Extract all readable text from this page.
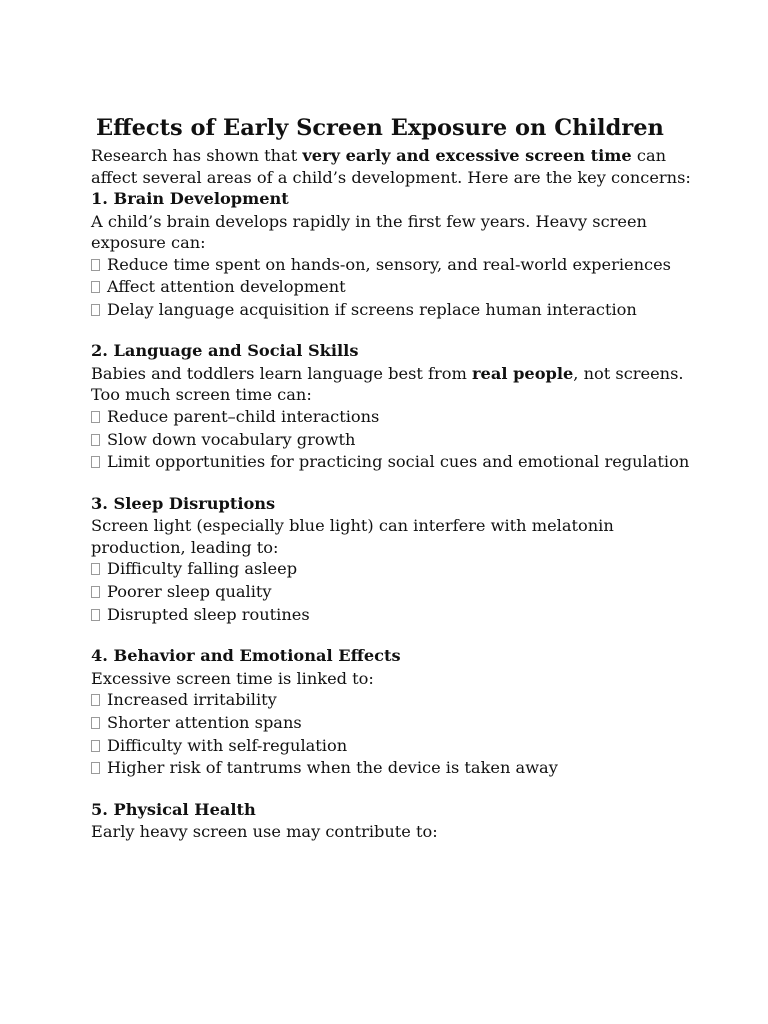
Effects of Early Screen Exposure on Children

Research has shown that very early and excessive screen time can affect several areas of a child’s development. Here are the key concerns:

1. Brain Development

A child’s brain develops rapidly in the first few years. Heavy screen exposure can:

Reduce time spent on hands-on, sensory, and real-world experiences
Affect attention development
Delay language acquisition if screens replace human interaction
2. Language and Social Skills

Babies and toddlers learn language best from real people, not screens. Too much screen time can:

Reduce parent–child interactions
Slow down vocabulary growth
Limit opportunities for practicing social cues and emotional regulation
3. Sleep Disruptions

Screen light (especially blue light) can interfere with melatonin production, leading to:

Difficulty falling asleep
Poorer sleep quality
Disrupted sleep routines
4. Behavior and Emotional Effects

Excessive screen time is linked to:

Increased irritability
Shorter attention spans
Difficulty with self-regulation
Higher risk of tantrums when the device is taken away
5. Physical Health

Early heavy screen use may contribute to:
